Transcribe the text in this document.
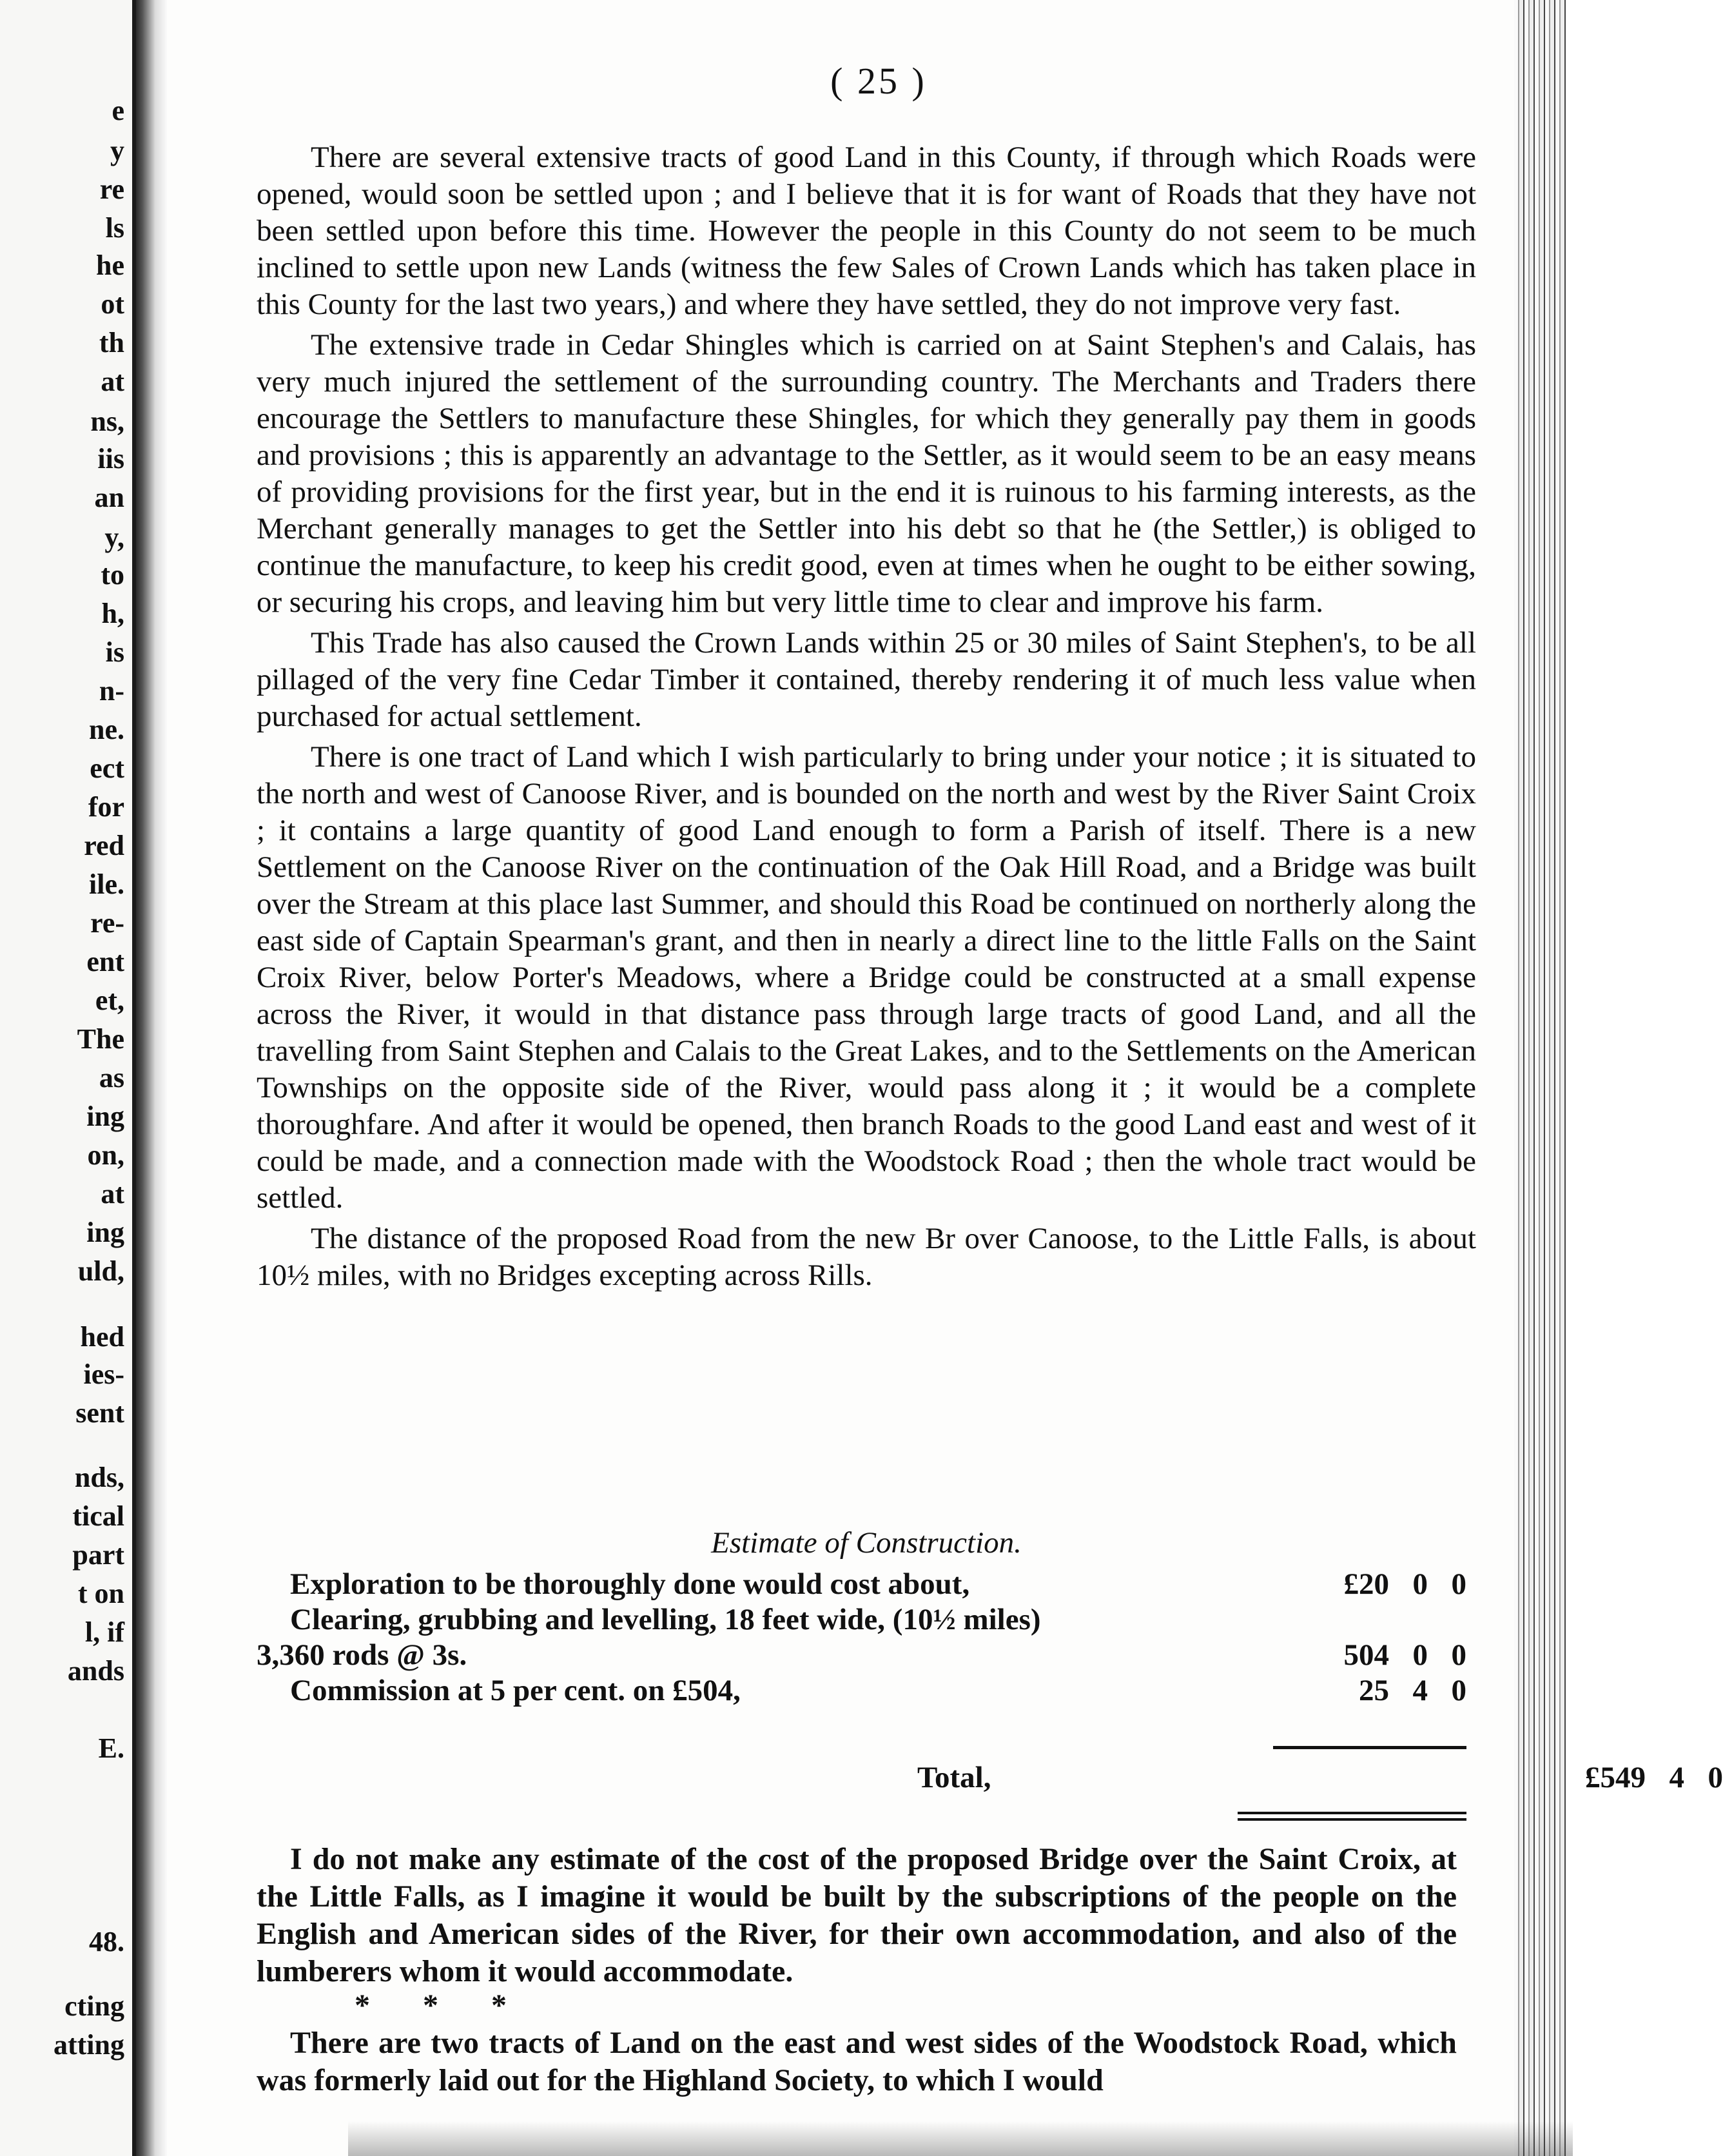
e
y
re
ls
he
ot
th
at
ns,
iis
an
y,
to
h,
is
n-
ne.
ect
for
red
ile.
re-
ent
et,
The
as
ing
on,
at
ing
uld,
hed
ies-
sent
nds,
tical
part
t on
l, if
ands
E.
48.
cting
atting
( 25 )

There are several extensive tracts of good Land in this County, if through which Roads were opened, would soon be settled upon ; and I believe that it is for want of Roads that they have not been settled upon before this time. However the people in this County do not seem to be much inclined to settle upon new Lands (witness the few Sales of Crown Lands which has taken place in this County for the last two years,) and where they have settled, they do not improve very fast.

The extensive trade in Cedar Shingles which is carried on at Saint Stephen's and Calais, has very much injured the settlement of the surrounding country. The Merchants and Traders there encourage the Settlers to manufacture these Shingles, for which they generally pay them in goods and provisions ; this is apparently an advantage to the Settler, as it would seem to be an easy means of providing provisions for the first year, but in the end it is ruinous to his farming interests, as the Merchant generally manages to get the Settler into his debt so that he (the Settler,) is obliged to continue the manufacture, to keep his credit good, even at times when he ought to be either sowing, or securing his crops, and leaving him but very little time to clear and improve his farm.

This Trade has also caused the Crown Lands within 25 or 30 miles of Saint Stephen's, to be all pillaged of the very fine Cedar Timber it contained, thereby rendering it of much less value when purchased for actual settlement.

There is one tract of Land which I wish particularly to bring under your notice ; it is situated to the north and west of Canoose River, and is bounded on the north and west by the River Saint Croix ; it contains a large quantity of good Land enough to form a Parish of itself. There is a new Settlement on the Canoose River on the continuation of the Oak Hill Road, and a Bridge was built over the Stream at this place last Summer, and should this Road be continued on northerly along the east side of Captain Spearman's grant, and then in nearly a direct line to the little Falls on the Saint Croix River, below Porter's Meadows, where a Bridge could be constructed at a small expense across the River, it would in that distance pass through large tracts of good Land, and all the travelling from Saint Stephen and Calais to the Great Lakes, and to the Settlements on the American Townships on the opposite side of the River, would pass along it ; it would be a complete thoroughfare. And after it would be opened, then branch Roads to the good Land east and west of it could be made, and a connection made with the Woodstock Road ; then the whole tract would be settled.

The distance of the proposed Road from the new Br over Canoose, to the Little Falls, is about 10½ miles, with no Bridges excepting across Rills.

Estimate of Construction.
Exploration to be thoroughly done would cost about,	£20 0 0
Clearing, grubbing and levelling, 18 feet wide, (10½ miles)
3,360 rods @ 3s.	504 0 0
Commission at 5 per cent. on £504,	25 4 0
Total,	£549 4 0

I do not make any estimate of the cost of the proposed Bridge over the Saint Croix, at the Little Falls, as I imagine it would be built by the subscriptions of the people on the English and American sides of the River, for their own accommodation, and also of the lumberers whom it would accommodate.

* * *

There are two tracts of Land on the east and west sides of the Woodstock Road, which was formerly laid out for the Highland Society, to which I would
